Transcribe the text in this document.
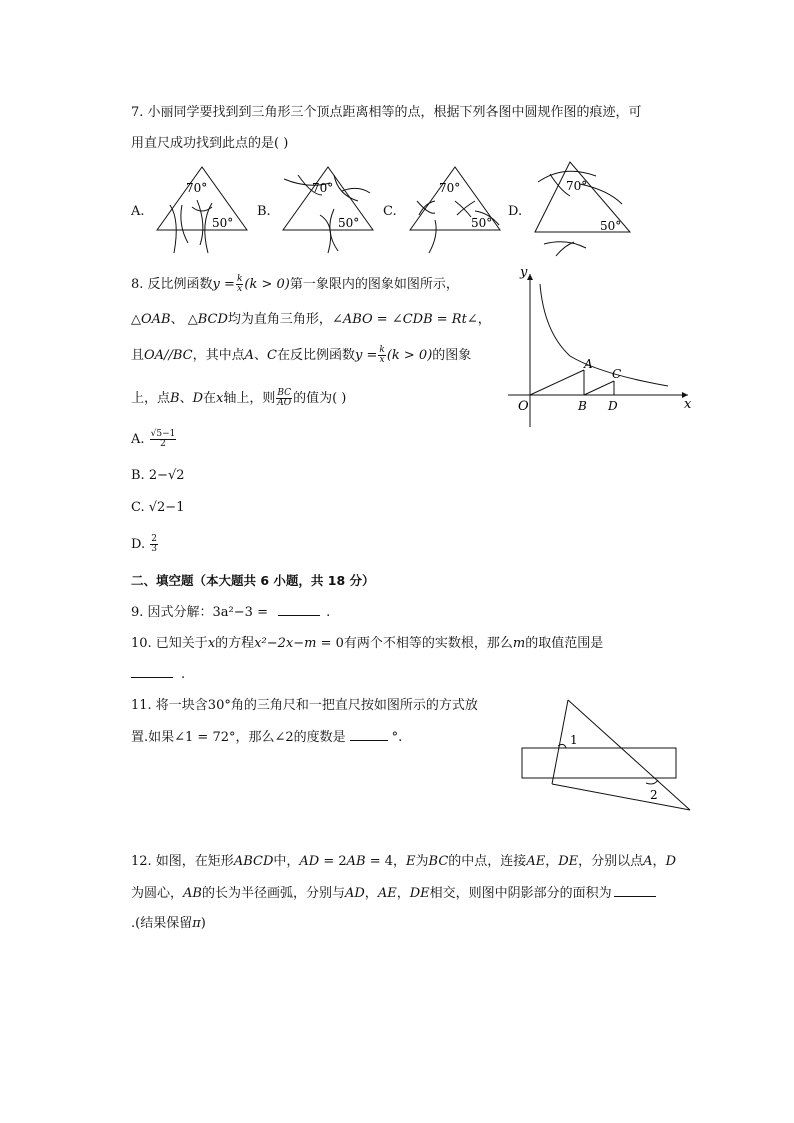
7. 小丽同学要找到到三角形三个顶点距离相等的点，根据下列各图中圆规作图的痕迹，可
用直尺成功找到此点的是( )
A.
70°
50°
B.
70°
50°
C.
70°
50°
D.
70°
50°
8. 反比例函数$y = \frac{k}{x} (k > 0)$第一象限内的图象如图所示，
△OAB、 △BCD均为直角三角形，∠ABO = ∠CDB = Rt∠，
且OA//BC，其中点A、C在反比例函数$y = \frac{k}{x} (k > 0)$的图象
上，点B、D在x轴上，则 $\frac{BC}{AO}$ 的值为( )
A. $\frac{√5-1}{2}$
B. 2−√2
C. √2−1
D. $\frac{2}{3}$
y
x
O
A
B
C
D
二、填空题（本大题共 6 小题，共 18 分）
9. 因式分解：3a²−3 =	.
10. 已知关于x的方程x²−2x−m = 0有两个不相等的实数根，那么m的取值范围是
.
11. 将一块含30°角的三角尺和一把直尺按如图所示的方式放
置.如果∠1 = 72°，那么∠2的度数是	°.	1
2
12. 如图，在矩形ABCD中，AD = 2AB = 4，E为BC的中点，连接AE，DE，分别以点A，D
为圆心，AB的长为半径画弧，分别与AD，AE，DE相交，则图中阴影部分的面积为
.(结果保留π)
